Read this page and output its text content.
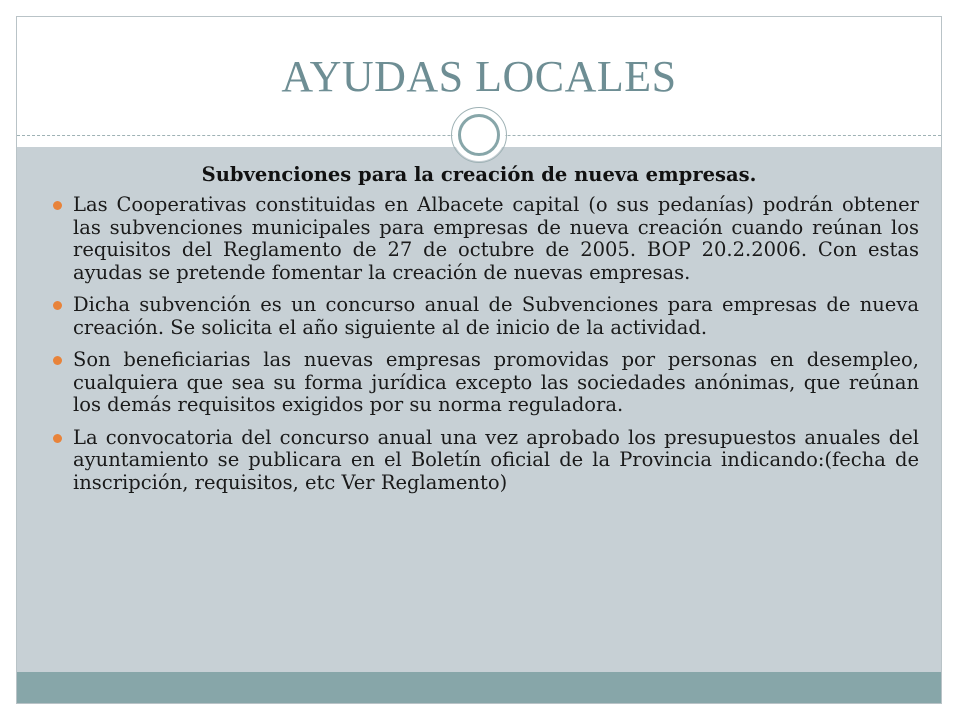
AYUDAS LOCALES
Subvenciones para la creación de nueva empresas.
Las Cooperativas constituidas en Albacete capital (o sus pedanías) podrán obtener las subvenciones municipales para empresas de nueva creación cuando reúnan los requisitos del Reglamento de 27 de octubre de 2005. BOP 20.2.2006. Con estas ayudas se pretende fomentar la creación de nuevas empresas.
Dicha subvención es un concurso anual de Subvenciones para empresas de nueva creación. Se solicita el año siguiente al de inicio de la actividad.
Son beneficiarias las nuevas empresas promovidas por personas en desempleo, cualquiera que sea su forma jurídica excepto las sociedades anónimas, que reúnan los demás requisitos exigidos por su norma reguladora.
La convocatoria del concurso anual una vez aprobado los presupuestos anuales del ayuntamiento se publicara en el Boletín oficial de la Provincia indicando:(fecha de inscripción, requisitos, etc Ver Reglamento)
